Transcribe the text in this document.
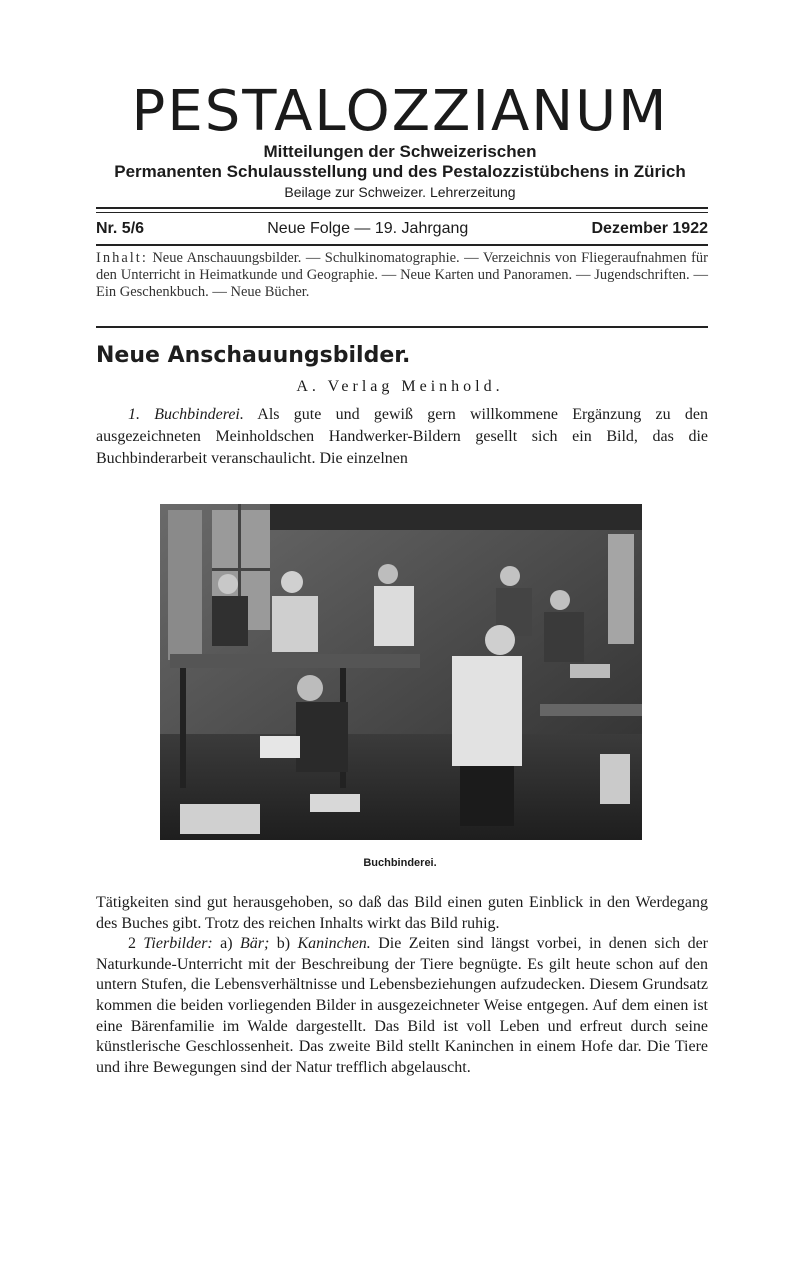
PESTALOZZIANUM
Mitteilungen der Schweizerischen
Permanenten Schulausstellung und des Pestalozzistübchens in Zürich
Beilage zur Schweizer. Lehrerzeitung
Nr. 5/6	Neue Folge — 19. Jahrgang	Dezember 1922
Inhalt: Neue Anschauungsbilder. — Schulkinomatographie. — Verzeichnis von Fliegeraufnahmen für den Unterricht in Heimatkunde und Geographie. — Neue Karten und Panoramen. — Jugendschriften. — Ein Geschenkbuch. — Neue Bücher.
Neue Anschauungsbilder.
A. Verlag Meinhold.
1. Buchbinderei. Als gute und gewiß gern willkommene Ergänzung zu den ausgezeichneten Meinholdschen Handwerker-Bildern gesellt sich ein Bild, das die Buchbinderarbeit veranschaulicht. Die einzelnen
Buchbinderei.

Tätigkeiten sind gut herausgehoben, so daß das Bild einen guten Einblick in den Werdegang des Buches gibt. Trotz des reichen Inhalts wirkt das Bild ruhig.

2 Tierbilder: a) Bär; b) Kaninchen. Die Zeiten sind längst vorbei, in denen sich der Naturkunde-Unterricht mit der Beschreibung der Tiere begnügte. Es gilt heute schon auf den untern Stufen, die Lebensverhältnisse und Lebensbeziehungen aufzudecken. Diesem Grundsatz kommen die beiden vorliegenden Bilder in ausgezeichneter Weise entgegen. Auf dem einen ist eine Bärenfamilie im Walde dargestellt. Das Bild ist voll Leben und erfreut durch seine künstlerische Geschlossenheit. Das zweite Bild stellt Kaninchen in einem Hofe dar. Die Tiere und ihre Bewegungen sind der Natur trefflich abgelauscht.
